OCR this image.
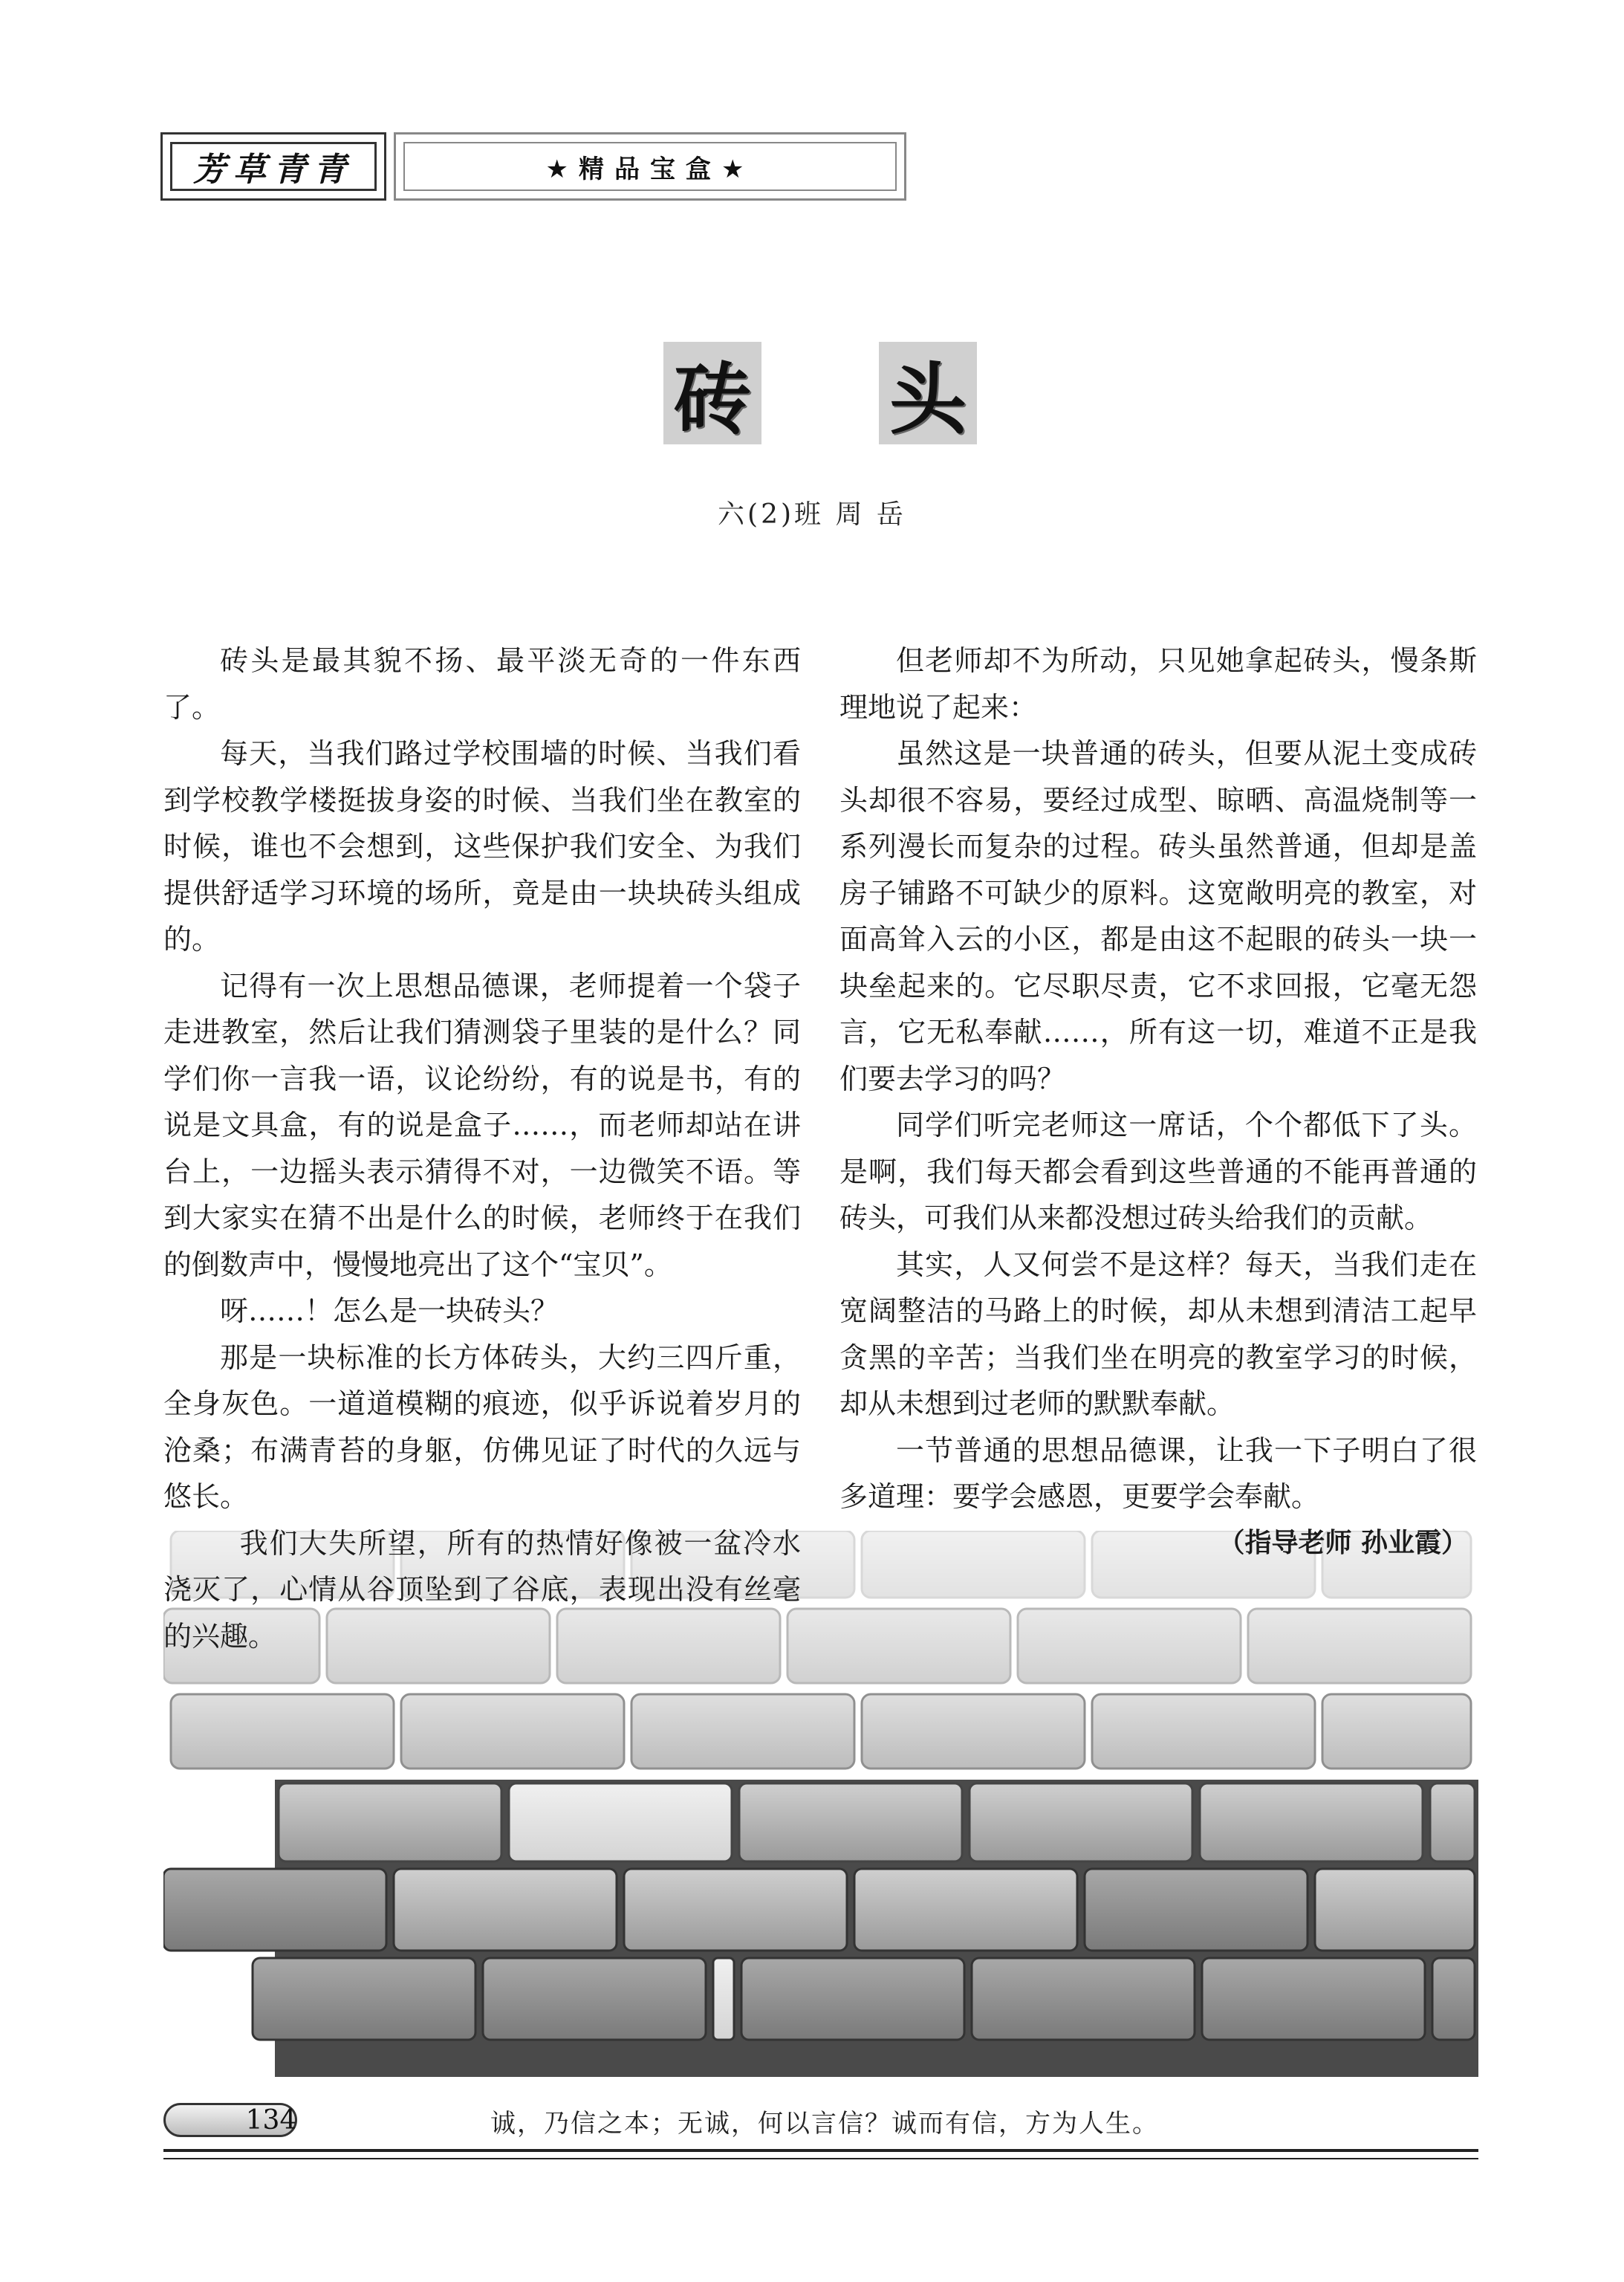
芳草青青	★精品宝盒★
砖 头
六(2)班 周 岳

砖头是最其貌不扬、最平淡无奇的一件东西了。

每天，当我们路过学校围墙的时候、当我们看到学校教学楼挺拔身姿的时候、当我们坐在教室的时候，谁也不会想到，这些保护我们安全、为我们提供舒适学习环境的场所，竟是由一块块砖头组成的。

记得有一次上思想品德课，老师提着一个袋子走进教室，然后让我们猜测袋子里装的是什么？同学们你一言我一语，议论纷纷，有的说是书，有的说是文具盒，有的说是盒子……，而老师却站在讲台上，一边摇头表示猜得不对，一边微笑不语。等到大家实在猜不出是什么的时候，老师终于在我们的倒数声中，慢慢地亮出了这个“宝贝”。

呀……！怎么是一块砖头？

那是一块标准的长方体砖头，大约三四斤重，全身灰色。一道道模糊的痕迹，似乎诉说着岁月的沧桑；布满青苔的身躯，仿佛见证了时代的久远与悠长。

我们大失所望，所有的热情好像被一盆冷水浇灭了，心情从谷顶坠到了谷底，表现出没有丝毫的兴趣。

但老师却不为所动，只见她拿起砖头，慢条斯理地说了起来：

虽然这是一块普通的砖头，但要从泥土变成砖头却很不容易，要经过成型、晾晒、高温烧制等一系列漫长而复杂的过程。砖头虽然普通，但却是盖房子铺路不可缺少的原料。这宽敞明亮的教室，对面高耸入云的小区，都是由这不起眼的砖头一块一块垒起来的。它尽职尽责，它不求回报，它毫无怨言，它无私奉献……，所有这一切，难道不正是我们要去学习的吗？

同学们听完老师这一席话，个个都低下了头。是啊，我们每天都会看到这些普通的不能再普通的砖头，可我们从来都没想过砖头给我们的贡献。

其实，人又何尝不是这样？每天，当我们走在宽阔整洁的马路上的时候，却从未想到清洁工起早贪黑的辛苦；当我们坐在明亮的教室学习的时候，却从未想到过老师的默默奉献。

一节普通的思想品德课，让我一下子明白了很多道理：要学会感恩，更要学会奉献。

（指导老师 孙业霞）
134	诚，乃信之本；无诚，何以言信？诚而有信，方为人生。
